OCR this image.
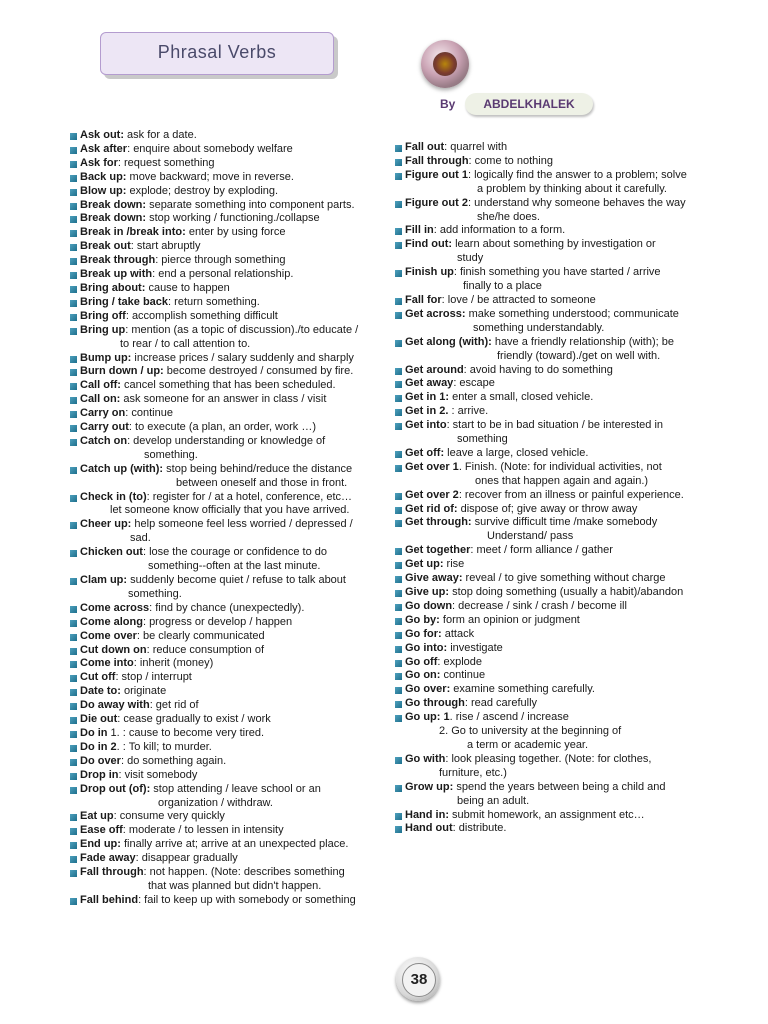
Phrasal Verbs
By	ABDELKHALEK
Ask out: ask for a date.
Ask after: enquire about somebody welfare
Ask for: request something
Back up: move backward; move in reverse.
Blow up: explode; destroy by exploding.
Break down: separate something into component parts.
Break down: stop working / functioning./collapse
Break in /break into: enter by using force
Break out: start abruptly
Break through: pierce through something
Break up with: end a personal relationship.
Bring about: cause to happen
Bring / take back: return something.
Bring off: accomplish something difficult
Bring up: mention (as a topic of discussion)./to educate /
to rear / to call attention to.
Bump up: increase prices / salary suddenly and sharply
Burn down / up: become destroyed / consumed by fire.
Call off: cancel something that has been scheduled.
Call on: ask someone for an answer in class / visit
Carry on: continue
Carry out: to execute (a plan, an order, work …)
Catch on: develop understanding or knowledge of
something.
Catch up (with): stop being behind/reduce the distance
between oneself and those in front.
Check in (to): register for / at a hotel, conference, etc…
let someone know officially that you have arrived.
Cheer up: help someone feel less worried / depressed /
sad.
Chicken out: lose the courage or confidence to do
something--often at the last minute.
Clam up: suddenly become quiet / refuse to talk about
something.
Come across: find by chance (unexpectedly).
Come along: progress or develop / happen
Come over: be clearly communicated
Cut down on: reduce consumption of
Come into: inherit (money)
Cut off: stop / interrupt
Date to: originate
Do away with: get rid of
Die out: cease gradually to exist / work
Do in 1. : cause to become very tired.
Do in 2. : To kill; to murder.
Do over: do something again.
Drop in: visit somebody
Drop out (of): stop attending / leave school or an
organization / withdraw.
Eat up: consume very quickly
Ease off: moderate / to lessen in intensity
End up: finally arrive at; arrive at an unexpected place.
Fade away: disappear gradually
Fall through: not happen. (Note: describes something
that was planned but didn't happen.
Fall behind: fail to keep up with somebody or something
Fall out: quarrel with
Fall through: come to nothing
Figure out 1: logically find the answer to a problem; solve
a problem by thinking about it carefully.
Figure out 2: understand why someone behaves the way
she/he does.
Fill in: add information to a form.
Find out: learn about something by investigation or
study
Finish up: finish something you have started / arrive
finally to a place
Fall for: love / be attracted to someone
Get across: make something understood; communicate
something understandably.
Get along (with): have a friendly relationship (with); be
friendly (toward)./get on well with.
Get around: avoid having to do something
Get away: escape
Get in 1: enter a small, closed vehicle.
Get in 2. : arrive.
Get into: start to be in bad situation / be interested in
something
Get off: leave a large, closed vehicle.
Get over 1. Finish. (Note: for individual activities, not
ones that happen again and again.)
Get over 2: recover from an illness or painful experience.
Get rid of: dispose of; give away or throw away
Get through: survive difficult time /make somebody
Understand/ pass
Get together: meet / form alliance / gather
Get up: rise
Give away: reveal / to give something without charge
Give up: stop doing something (usually a habit)/abandon
Go down: decrease / sink / crash / become ill
Go by: form an opinion or judgment
Go for: attack
Go into: investigate
Go off: explode
Go on: continue
Go over: examine something carefully.
Go through: read carefully
Go up: 1. rise / ascend / increase
2. Go to university at the beginning of
a term or academic year.
Go with: look pleasing together. (Note: for clothes,
furniture, etc.)
Grow up: spend the years between being a child and
being an adult.
Hand in: submit homework, an assignment etc…
Hand out: distribute.
38
